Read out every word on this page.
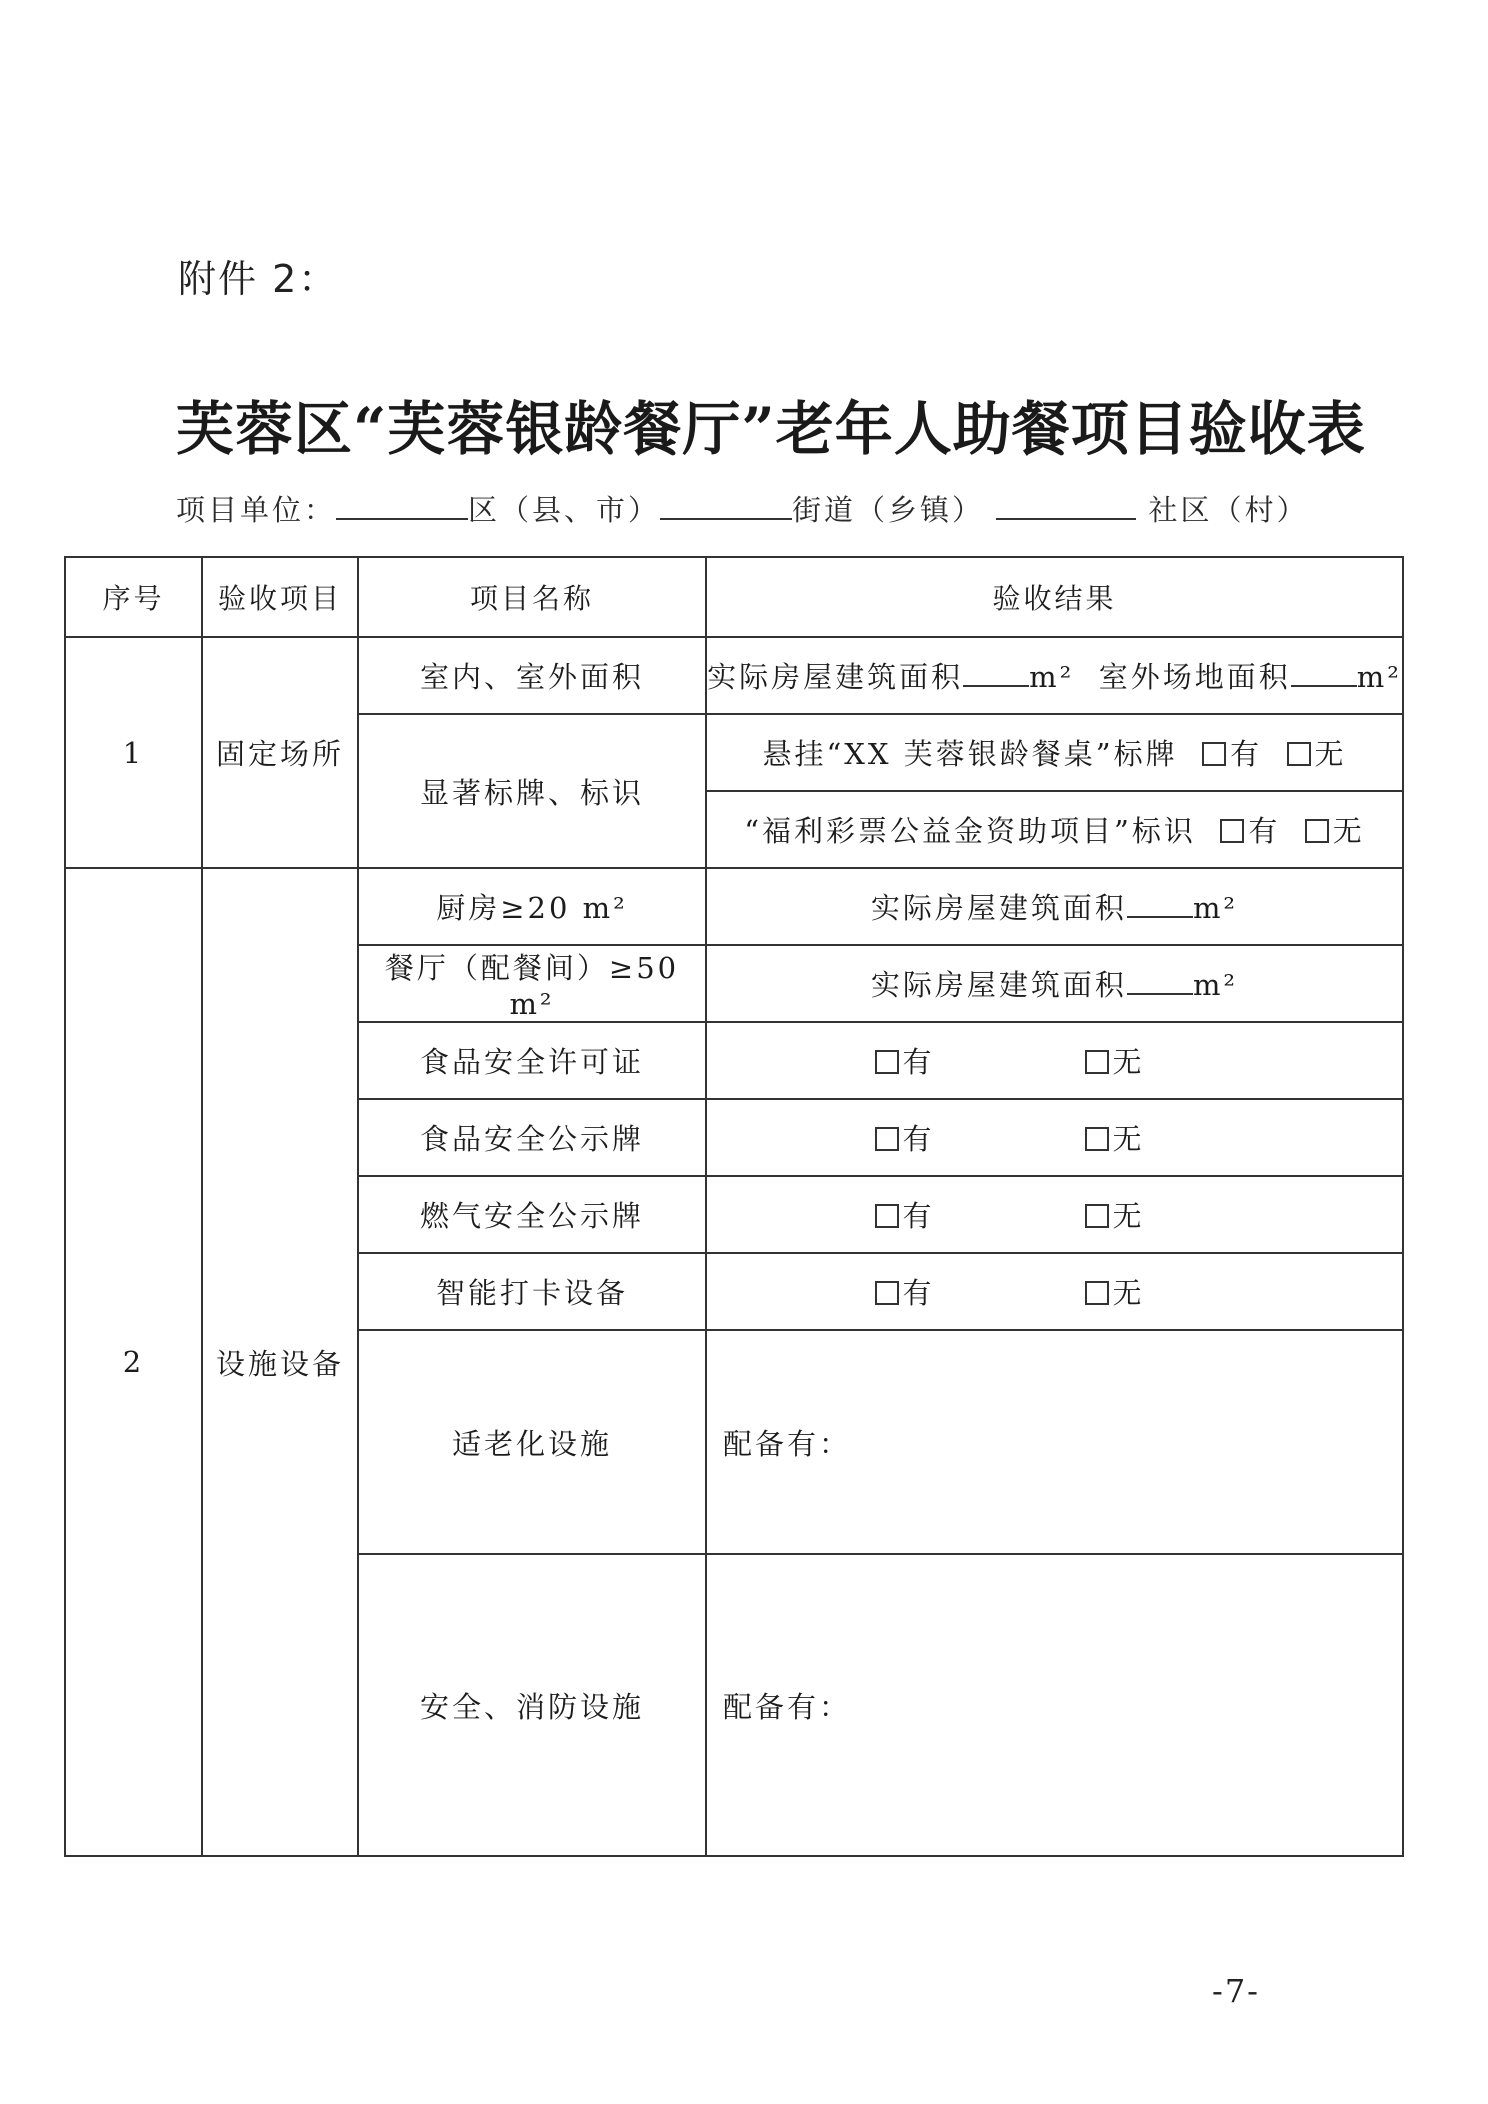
附件 2：
芙蓉区“芙蓉银龄餐厅”老年人助餐项目验收表
项目单位：	区（县、市）	街道（乡镇）	社区（村）
序号	验收项目	项目名称	验收结果
1	固定场所	室内、室外面积	实际房屋建筑面积 m² 室外场地面积 m²
		显著标牌、标识	悬挂“XX 芙蓉银龄餐桌”标牌 有 无
			“福利彩票公益金资助项目”标识 有 无
2	设施设备	厨房≥20 m²	实际房屋建筑面积 m²
		餐厅（配餐间）≥50 m²	实际房屋建筑面积 m²
		食品安全许可证	有 无
		食品安全公示牌	有 无
		燃气安全公示牌	有 无
		智能打卡设备	有 无
		适老化设施	配备有：
		安全、消防设施	配备有：
-7-
